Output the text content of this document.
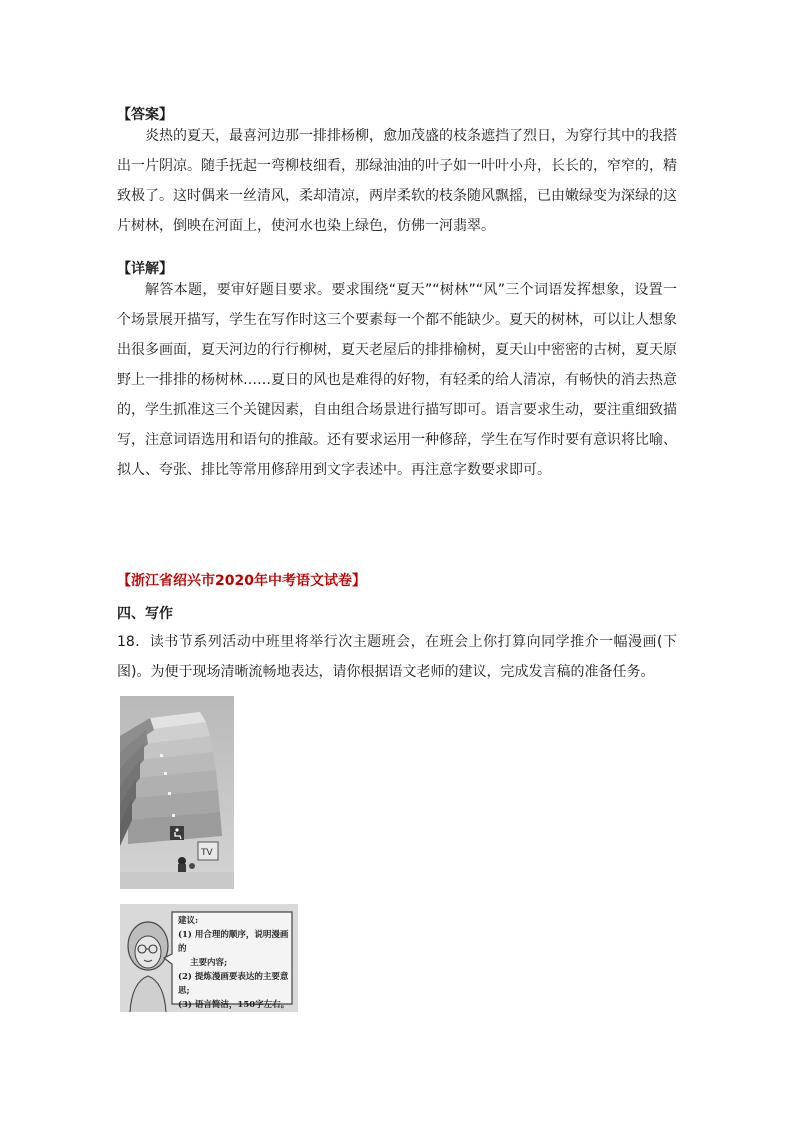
【答案】

炎热的夏天，最喜河边那一排排杨柳，愈加茂盛的枝条遮挡了烈日，为穿行其中的我搭出一片阴凉。随手抚起一弯柳枝细看，那绿油油的叶子如一叶叶小舟，长长的，窄窄的，精致极了。这时偶来一丝清风，柔却清凉，两岸柔软的枝条随风飘摇，已由嫩绿变为深绿的这片树林，倒映在河面上，使河水也染上绿色，仿佛一河翡翠。

【详解】

解答本题，要审好题目要求。要求围绕“夏天”“树林”“风”三个词语发挥想象，设置一个场景展开描写，学生在写作时这三个要素每一个都不能缺少。夏天的树林，可以让人想象出很多画面，夏天河边的行行柳树，夏天老屋后的排排榆树，夏天山中密密的古树，夏天原野上一排排的杨树林……夏日的风也是难得的好物，有轻柔的给人清凉，有畅快的消去热意的，学生抓准这三个关键因素，自由组合场景进行描写即可。语言要求生动，要注重细致描写，注意词语选用和语句的推敲。还有要求运用一种修辞，学生在写作时要有意识将比喻、拟人、夸张、排比等常用修辞用到文字表述中。再注意字数要求即可。

【浙江省绍兴市2020年中考语文试卷】
四、写作

18．读书节系列活动中班里将举行次主题班会，在班会上你打算向同学推介一幅漫画(下图)。为便于现场清晰流畅地表达，请你根据语文老师的建议，完成发言稿的准备任务。

TV
建议:
(1) 用合理的顺序，说明漫画的
主要内容;
(2) 提炼漫画要表达的主要意思;
(3) 语言简洁，150字左右。
